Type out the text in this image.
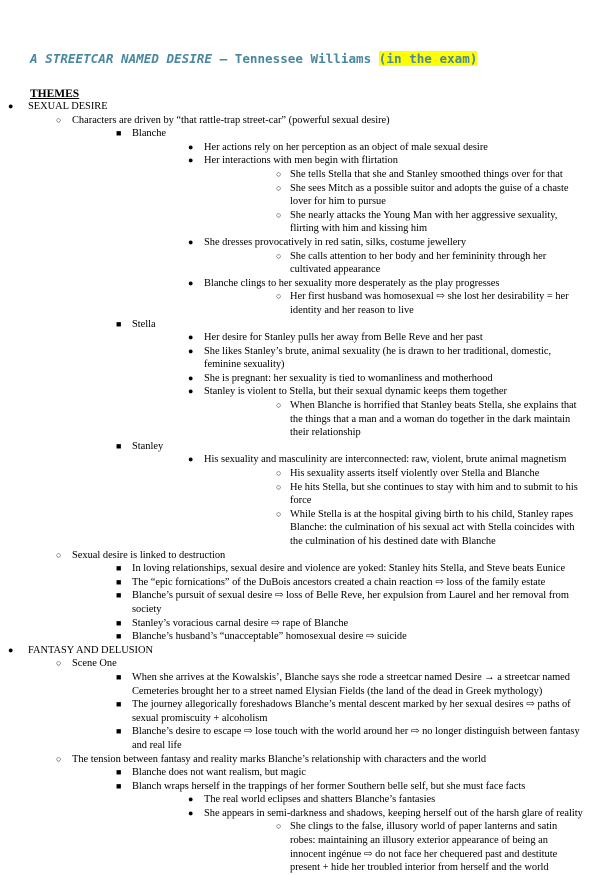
A STREETCAR NAMED DESIRE – Tennessee Williams (in the exam)
THEMES
● SEXUAL DESIRE
○ Characters are driven by “that rattle-trap street-car” (powerful sexual desire)
■ Blanche
● Her actions rely on her perception as an object of male sexual desire
● Her interactions with men begin with flirtation
○ She tells Stella that she and Stanley smoothed things over for that
○ She sees Mitch as a possible suitor and adopts the guise of a chaste lover for him to pursue
○ She nearly attacks the Young Man with her aggressive sexuality, flirting with him and kissing him
● She dresses provocatively in red satin, silks, costume jewellery
○ She calls attention to her body and her femininity through her cultivated appearance
● Blanche clings to her sexuality more desperately as the play progresses
○ Her first husband was homosexual ⇨ she lost her desirability = her identity and her reason to live
■ Stella
● Her desire for Stanley pulls her away from Belle Reve and her past
● She likes Stanley’s brute, animal sexuality (he is drawn to her traditional, domestic, feminine sexuality)
● She is pregnant: her sexuality is tied to womanliness and motherhood
● Stanley is violent to Stella, but their sexual dynamic keeps them together
○ When Blanche is horrified that Stanley beats Stella, she explains that the things that a man and a woman do together in the dark maintain their relationship
■ Stanley
● His sexuality and masculinity are interconnected: raw, violent, brute animal magnetism
○ His sexuality asserts itself violently over Stella and Blanche
○ He hits Stella, but she continues to stay with him and to submit to his force
○ While Stella is at the hospital giving birth to his child, Stanley rapes Blanche: the culmination of his sexual act with Stella coincides with the culmination of his destined date with Blanche
○ Sexual desire is linked to destruction
■ In loving relationships, sexual desire and violence are yoked: Stanley hits Stella, and Steve beats Eunice
■ The “epic fornications” of the DuBois ancestors created a chain reaction ⇨ loss of the family estate
■ Blanche’s pursuit of sexual desire ⇨ loss of Belle Reve, her expulsion from Laurel and her removal from society
■ Stanley’s voracious carnal desire ⇨ rape of Blanche
■ Blanche’s husband’s “unacceptable” homosexual desire ⇨ suicide
● FANTASY AND DELUSION
○ Scene One
■ When she arrives at the Kowalskis’, Blanche says she rode a streetcar named Desire → a streetcar named Cemeteries brought her to a street named Elysian Fields (the land of the dead in Greek mythology)
■ The journey allegorically foreshadows Blanche’s mental descent marked by her sexual desires ⇨ paths of sexual promiscuity + alcoholism
■ Blanche’s desire to escape ⇨ lose touch with the world around her ⇨ no longer distinguish between fantasy and real life
○ The tension between fantasy and reality marks Blanche’s relationship with characters and the world
■ Blanche does not want realism, but magic
■ Blanch wraps herself in the trappings of her former Southern belle self, but she must face facts
● The real world eclipses and shatters Blanche’s fantasies
● She appears in semi-darkness and shadows, keeping herself out of the harsh glare of reality
○ She clings to the false, illusory world of paper lanterns and satin robes: maintaining an illusory exterior appearance of being an innocent ingénue ⇨ do not face her chequered past and destitute present + hide her troubled interior from herself and the world
